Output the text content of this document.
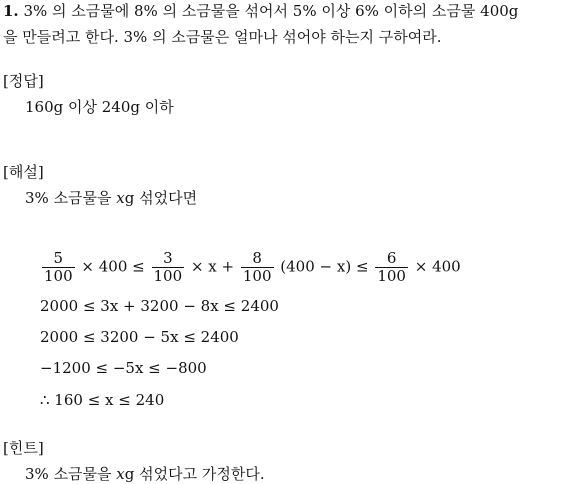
1. 3% 의 소금물에 8% 의 소금물을 섞어서 5% 이상 6% 이하의 소금물 400g
을 만들려고 한다. 3% 의 소금물은 얼마나 섞어야 하는지 구하여라.
[정답]
160g 이상 240g 이하
[해설]
3% 소금물을 xg 섞었다면
$\frac{5}{100} \times 400 \le \frac{3}{100} \times x + \frac{8}{100} (400 - x) \le \frac{6}{100} \times 400$
2000 ≤ 3x + 3200 − 8x ≤ 2400
2000 ≤ 3200 − 5x ≤ 2400
−1200 ≤ −5x ≤ −800
∴ 160 ≤ x ≤ 240
[힌트]
3% 소금물을 xg 섞었다고 가정한다.
